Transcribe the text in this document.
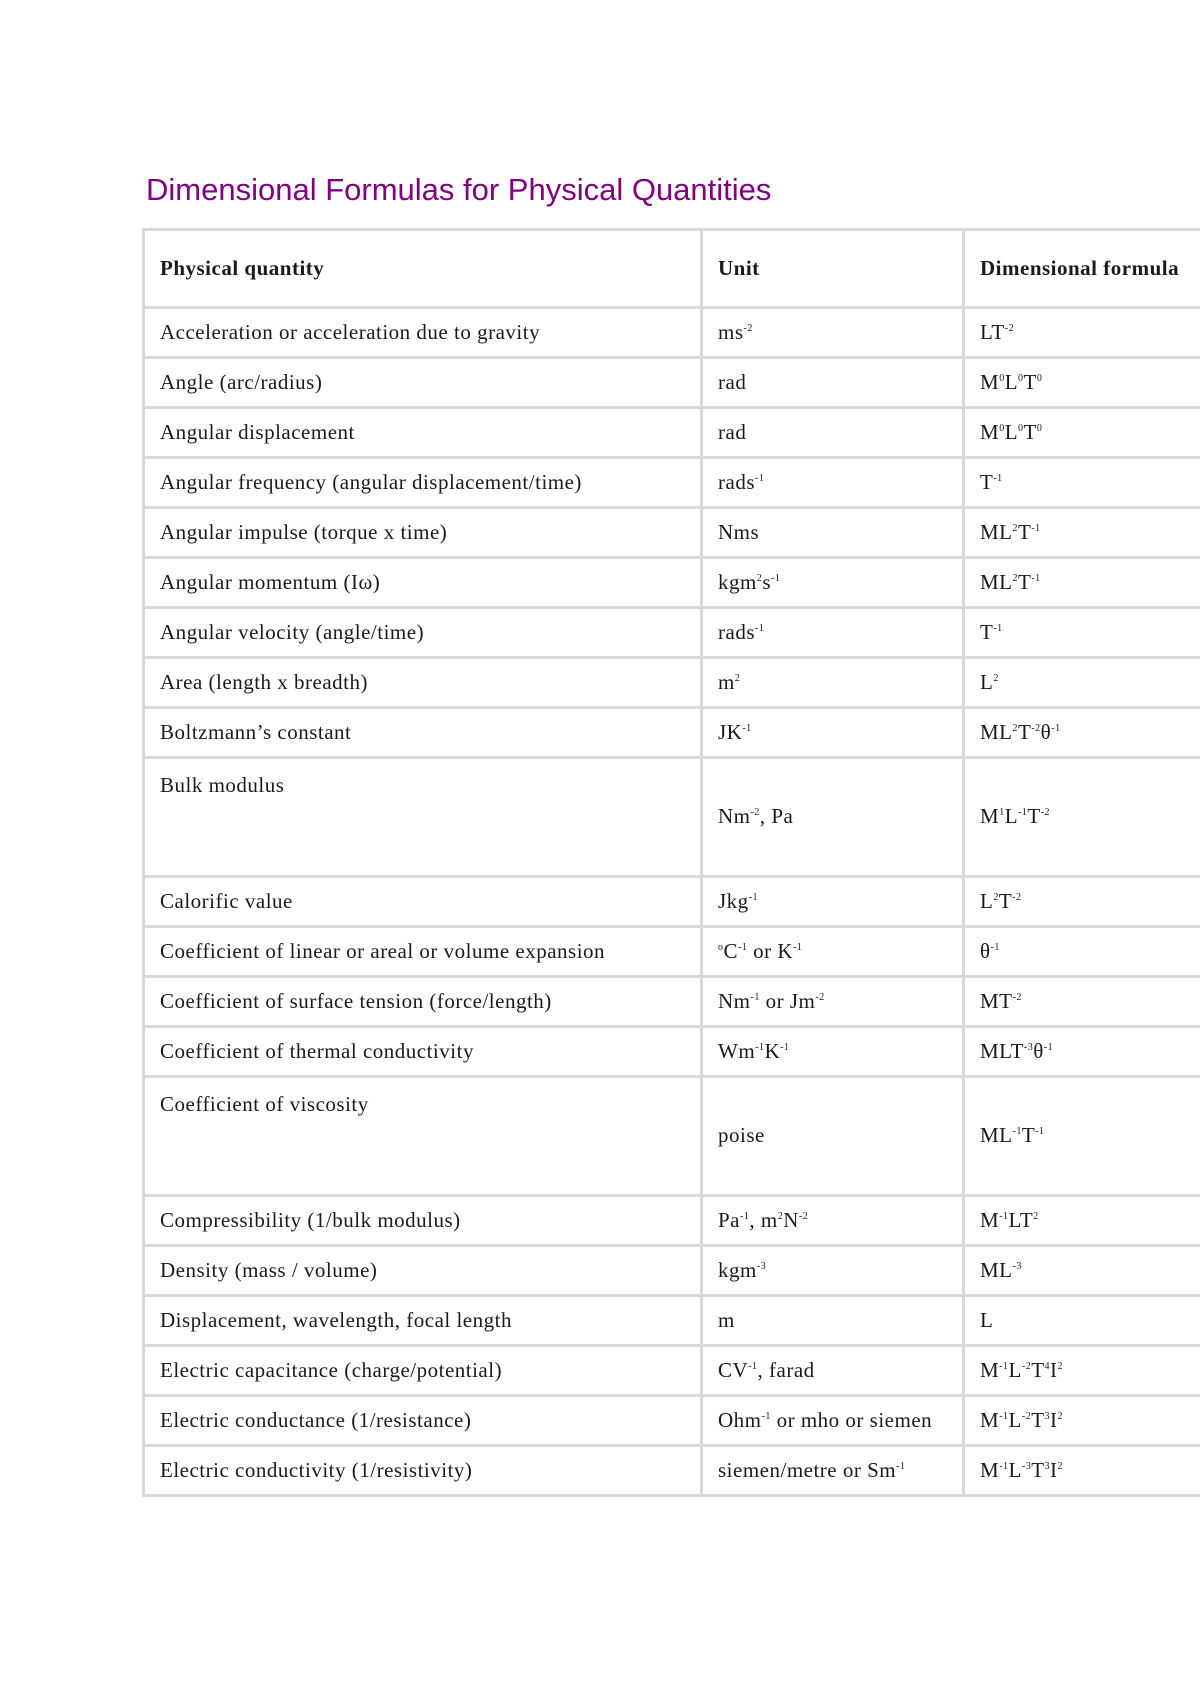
Dimensional Formulas for Physical Quantities
Physical quantity	Unit	Dimensional formula
Acceleration or acceleration due to gravity	$ms^{-2}$	$LT^{-2}$
Angle (arc/radius)	rad	$M^0L^0T^0$
Angular displacement	rad	$M^0L^0T^0$
Angular frequency (angular displacement/time)	rads$^{-1}$	$T^{-1}$
Angular impulse (torque x time)	Nms	$ML^2T^{-1}$
Angular momentum (Iω)	$kgm^2s^{-1}$	$ML^2T^{-1}$
Angular velocity (angle/time)	rads$^{-1}$	$T^{-1}$
Area (length x breadth)	$m^2$	$L^2$
Boltzmann’s constant	$JK^{-1}$	$ML^2T^{-2}\theta^{-1}$
Bulk modulus	$Nm^{-2}$, Pa	$M^1L^{-1}T^{-2}$
Calorific value	Jkg$^{-1}$	$L^2T^{-2}$
Coefficient of linear or areal or volume expansion	$^oC^{-1}$ or $K^{-1}$	$\theta^{-1}$
Coefficient of surface tension (force/length)	$Nm^{-1}$ or $Jm^{-2}$	$MT^{-2}$
Coefficient of thermal conductivity	$Wm^{-1}K^{-1}$	$MLT^{-3}\theta^{-1}$
Coefficient of viscosity	poise	$ML^{-1}T^{-1}$
Compressibility (1/bulk modulus)	$Pa^{-1}$, $m^2N^{-2}$	$M^{-1}LT^2$
Density (mass / volume)	kgm$^{-3}$	$ML^{-3}$
Displacement, wavelength, focal length	m	L
Electric capacitance (charge/potential)	$CV^{-1}$, farad	$M^{-1}L^{-2}T^4I^2$
Electric conductance (1/resistance)	Ohm$^{-1}$ or mho or siemen	$M^{-1}L^{-2}T^3I^2$
Electric conductivity (1/resistivity)	siemen/metre or $Sm^{-1}$	$M^{-1}L^{-3}T^3I^2$
